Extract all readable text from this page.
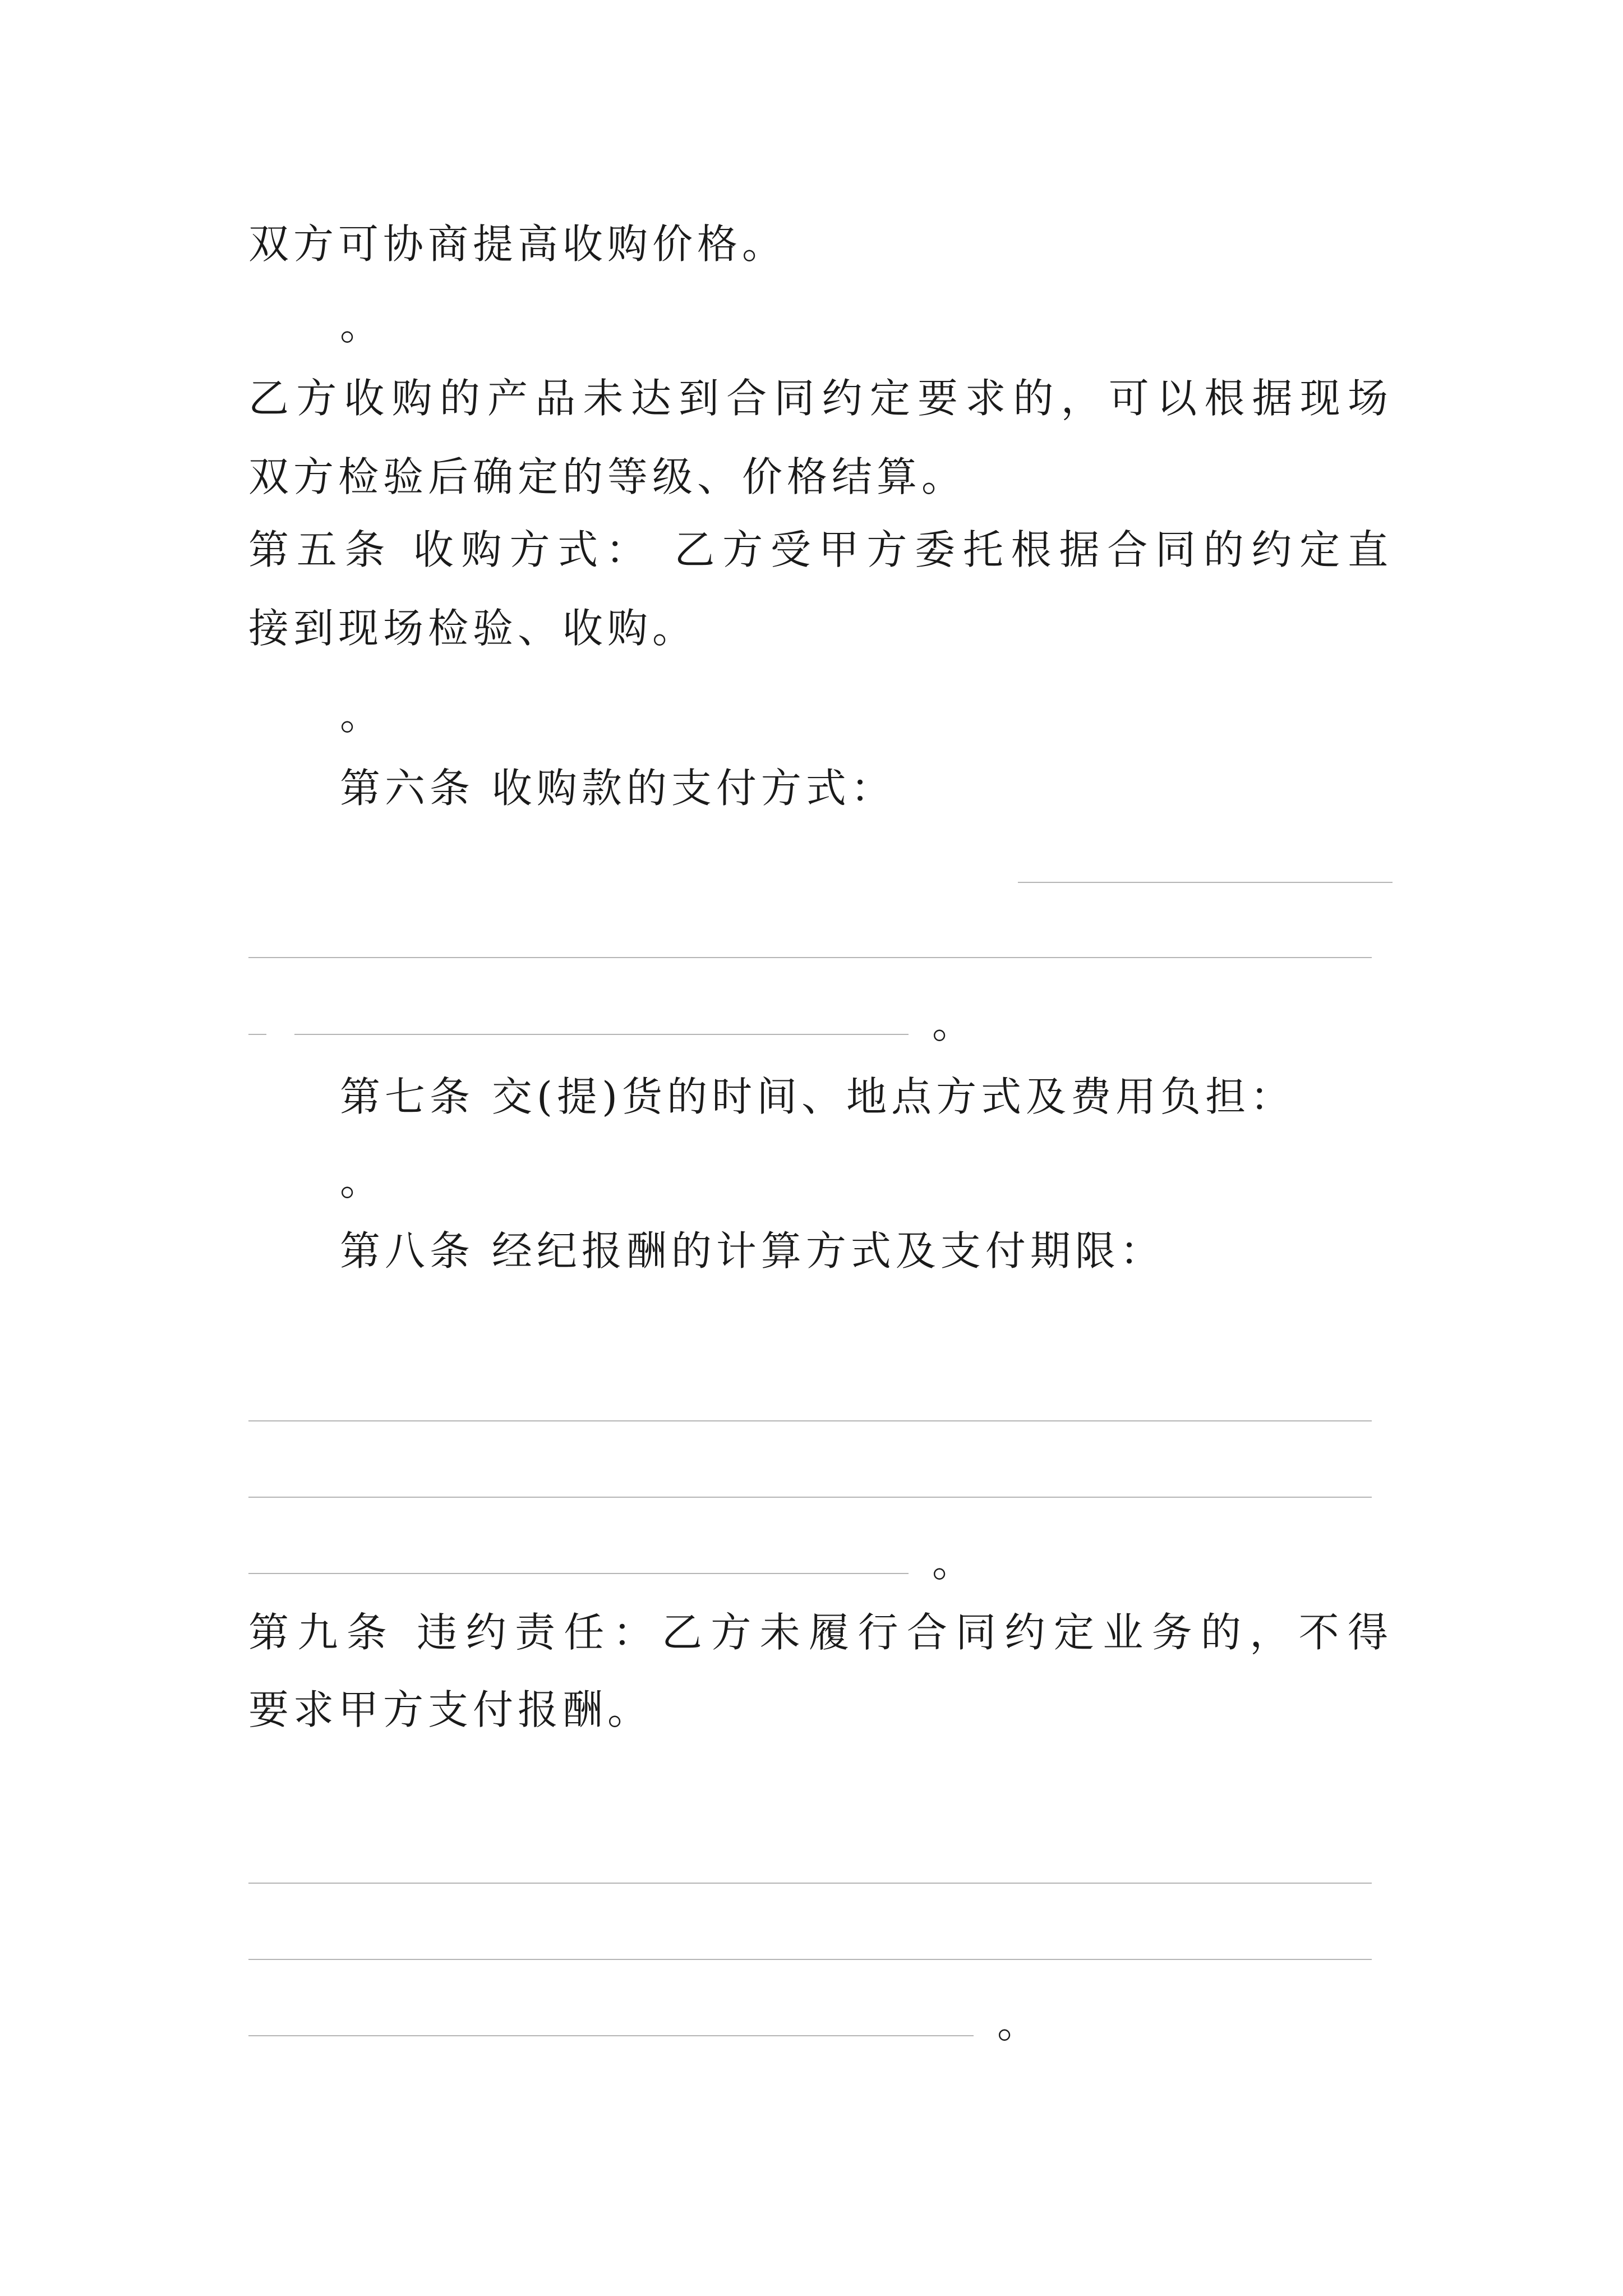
双方可协商提高收购价格。
。
乙方收购的产品未达到合同约定要求的，可以根据现场
双方检验后确定的等级、价格结算。
第五条 收购方式： 乙方受甲方委托根据合同的约定直
接到现场检验、收购。
。
第六条 收购款的支付方式：
。
第七条 交(提)货的时间、地点方式及费用负担：
。
第八条 经纪报酬的计算方式及支付期限：
。
第九条 违约责任：乙方未履行合同约定业务的，不得
要求甲方支付报酬。
。
